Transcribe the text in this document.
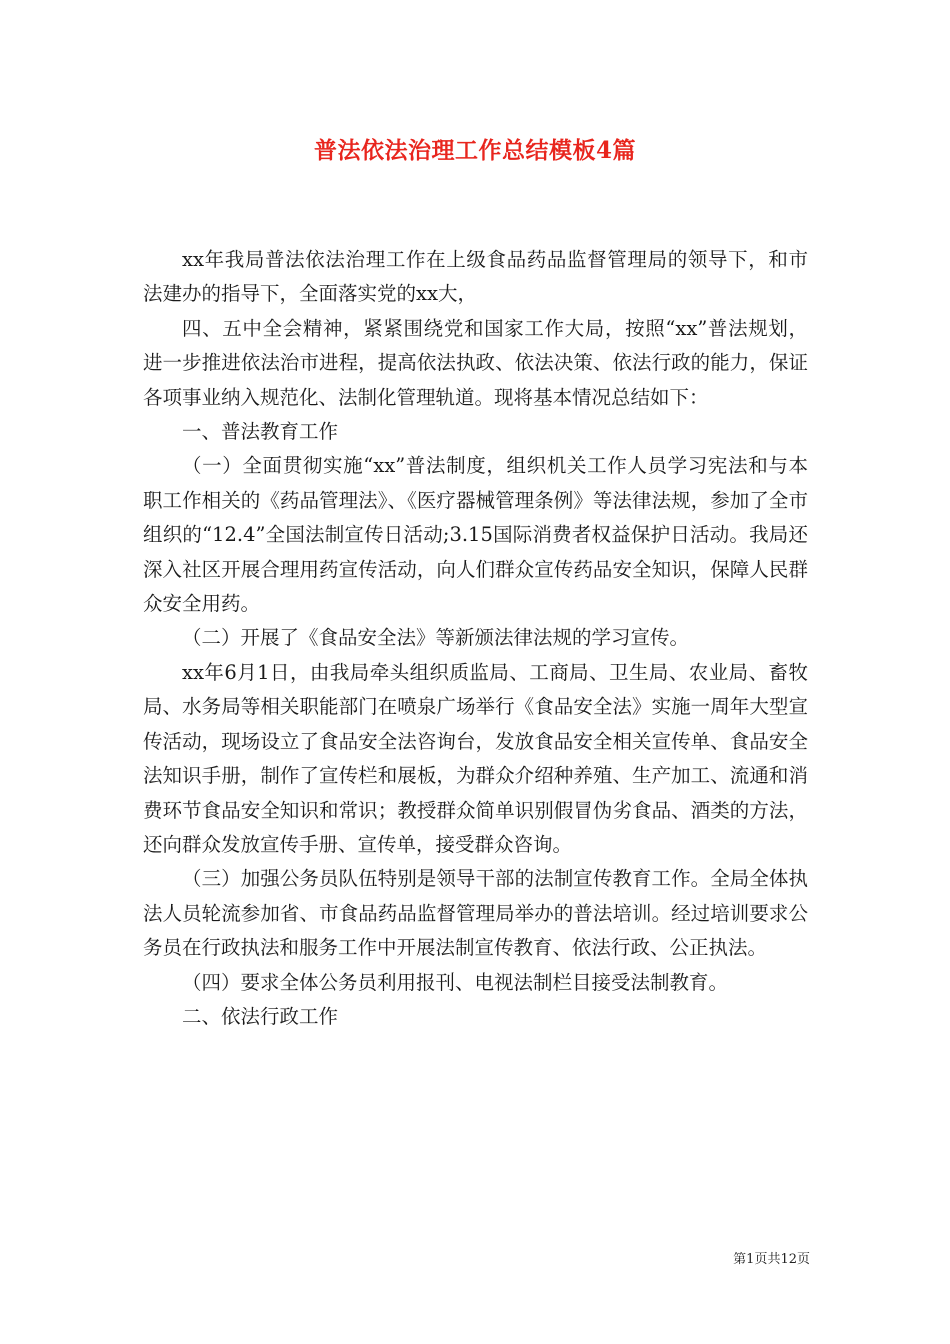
普法依法治理工作总结模板4篇

xx年我局普法依法治理工作在上级食品药品监督管理局的领导下，和市法建办的指导下，全面落实党的xx大，

四、五中全会精神，紧紧围绕党和国家工作大局，按照“xx”普法规划，进一步推进依法治市进程，提高依法执政、依法决策、依法行政的能力，保证各项事业纳入规范化、法制化管理轨道。现将基本情况总结如下：

一、普法教育工作

（一）全面贯彻实施“xx”普法制度，组织机关工作人员学习宪法和与本职工作相关的《药品管理法》、《医疗器械管理条例》等法律法规，参加了全市组织的“12.4”全国法制宣传日活动;3.15国际消费者权益保护日活动。我局还深入社区开展合理用药宣传活动，向人们群众宣传药品安全知识，保障人民群众安全用药。

（二）开展了《食品安全法》等新颁法律法规的学习宣传。

xx年6月1日，由我局牵头组织质监局、工商局、卫生局、农业局、畜牧局、水务局等相关职能部门在喷泉广场举行《食品安全法》实施一周年大型宣传活动，现场设立了食品安全法咨询台，发放食品安全相关宣传单、食品安全法知识手册，制作了宣传栏和展板，为群众介绍种养殖、生产加工、流通和消费环节食品安全知识和常识；教授群众简单识别假冒伪劣食品、酒类的方法，还向群众发放宣传手册、宣传单，接受群众咨询。

（三）加强公务员队伍特别是领导干部的法制宣传教育工作。全局全体执法人员轮流参加省、市食品药品监督管理局举办的普法培训。经过培训要求公务员在行政执法和服务工作中开展法制宣传教育、依法行政、公正执法。

（四）要求全体公务员利用报刊、电视法制栏目接受法制教育。

二、依法行政工作

第1页共12页
